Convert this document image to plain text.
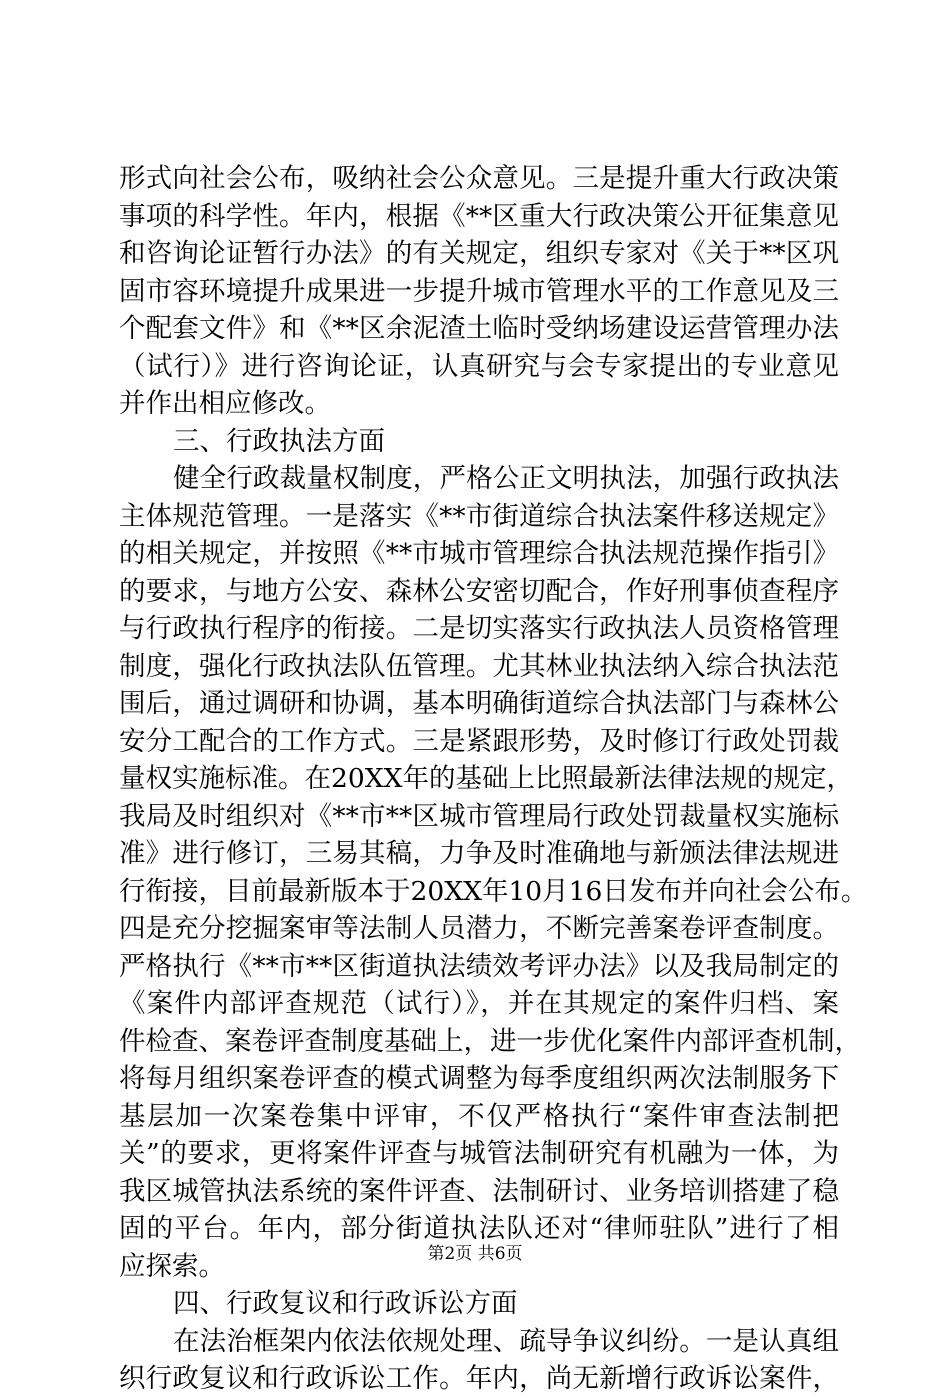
形式向社会公布，吸纳社会公众意见。三是提升重大行政决策
事项的科学性。年内，根据《**区重大行政决策公开征集意见
和咨询论证暂行办法》的有关规定，组织专家对《关于**区巩
固市容环境提升成果进一步提升城市管理水平的工作意见及三
个配套文件》和《**区余泥渣土临时受纳场建设运营管理办法
（试行）》进行咨询论证，认真研究与会专家提出的专业意见
并作出相应修改。
三、行政执法方面
健全行政裁量权制度，严格公正文明执法，加强行政执法
主体规范管理。一是落实《**市街道综合执法案件移送规定》
的相关规定，并按照《**市城市管理综合执法规范操作指引》
的要求，与地方公安、森林公安密切配合，作好刑事侦查程序
与行政执行程序的衔接。二是切实落实行政执法人员资格管理
制度，强化行政执法队伍管理。尤其林业执法纳入综合执法范
围后，通过调研和协调，基本明确街道综合执法部门与森林公
安分工配合的工作方式。三是紧跟形势，及时修订行政处罚裁
量权实施标准。在20XX年的基础上比照最新法律法规的规定，
我局及时组织对《**市**区城市管理局行政处罚裁量权实施标
准》进行修订，三易其稿，力争及时准确地与新颁法律法规进
行衔接，目前最新版本于20XX年10月16日发布并向社会公布。
四是充分挖掘案审等法制人员潜力，不断完善案卷评查制度。
严格执行《**市**区街道执法绩效考评办法》以及我局制定的
《案件内部评查规范（试行）》，并在其规定的案件归档、案
件检查、案卷评查制度基础上，进一步优化案件内部评查机制，
将每月组织案卷评查的模式调整为每季度组织两次法制服务下
基层加一次案卷集中评审，不仅严格执行“案件审查法制把
关”的要求，更将案件评查与城管法制研究有机融为一体，为
我区城管执法系统的案件评查、法制研讨、业务培训搭建了稳
固的平台。年内，部分街道执法队还对“律师驻队”进行了相
应探索。
四、行政复议和行政诉讼方面
在法治框架内依法依规处理、疏导争议纠纷。一是认真组
织行政复议和行政诉讼工作。年内，尚无新增行政诉讼案件，
第2页 共6页
